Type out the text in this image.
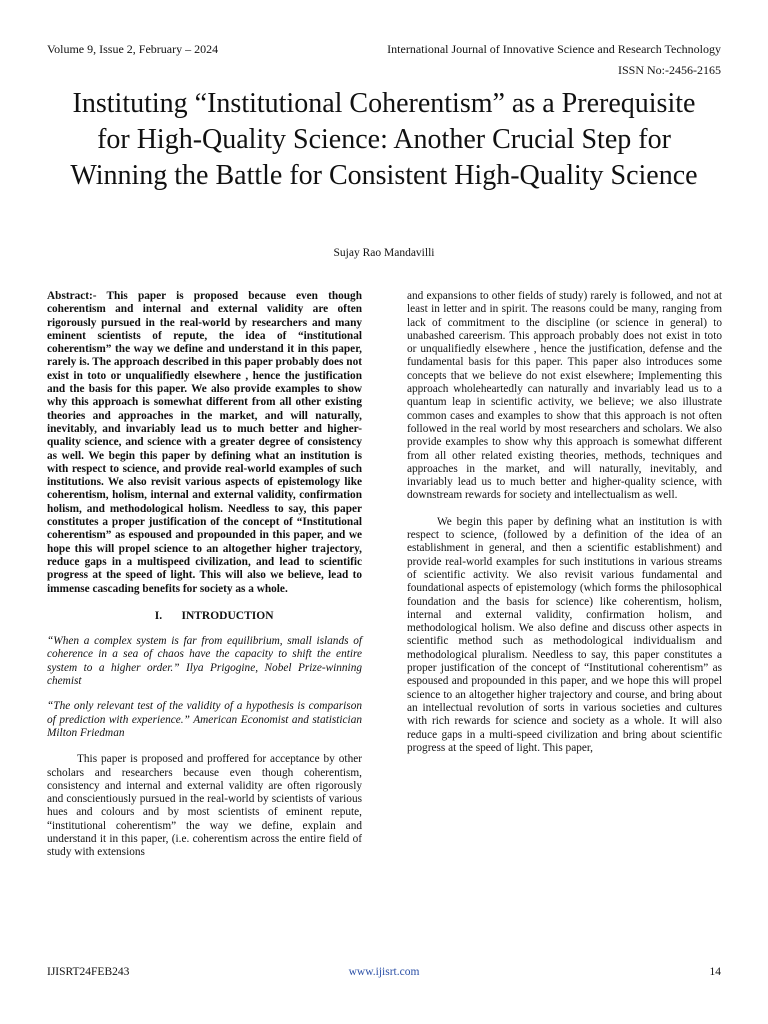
Volume 9, Issue 2, February – 2024	International Journal of Innovative Science and Research Technology
ISSN No:-2456-2165
Instituting “Institutional Coherentism” as a Prerequisite for High-Quality Science: Another Crucial Step for Winning the Battle for Consistent High-Quality Science
Sujay Rao Mandavilli

Abstract:- This paper is proposed because even though coherentism and internal and external validity are often rigorously pursued in the real-world by researchers and many eminent scientists of repute, the idea of “institutional coherentism” the way we define and understand it in this paper, rarely is. The approach described in this paper probably does not exist in toto or unqualifiedly elsewhere , hence the justification and the basis for this paper. We also provide examples to show why this approach is somewhat different from all other existing theories and approaches in the market, and will naturally, inevitably, and invariably lead us to much better and higher-quality science, and science with a greater degree of consistency as well. We begin this paper by defining what an institution is with respect to science, and provide real-world examples of such institutions. We also revisit various aspects of epistemology like coherentism, holism, internal and external validity, confirmation holism, and methodological holism. Needless to say, this paper constitutes a proper justification of the concept of “Institutional coherentism” as espoused and propounded in this paper, and we hope this will propel science to an altogether higher trajectory, reduce gaps in a multispeed civilization, and lead to scientific progress at the speed of light. This will also we believe, lead to immense cascading benefits for society as a whole.

I. INTRODUCTION

“When a complex system is far from equilibrium, small islands of coherence in a sea of chaos have the capacity to shift the entire system to a higher order.” Ilya Prigogine, Nobel Prize-winning chemist

“The only relevant test of the validity of a hypothesis is comparison of prediction with experience.” American Economist and statistician Milton Friedman

This paper is proposed and proffered for acceptance by other scholars and researchers because even though coherentism, consistency and internal and external validity are often rigorously and conscientiously pursued in the real-world by scientists of various hues and colours and by most scientists of eminent repute, “institutional coherentism” the way we define, explain and understand it in this paper, (i.e. coherentism across the entire field of study with extensions

and expansions to other fields of study) rarely is followed, and not at least in letter and in spirit. The reasons could be many, ranging from lack of commitment to the discipline (or science in general) to unabashed careerism. This approach probably does not exist in toto or unqualifiedly elsewhere , hence the justification, defense and the fundamental basis for this paper. This paper also introduces some concepts that we believe do not exist elsewhere; Implementing this approach wholeheartedly can naturally and invariably lead us to a quantum leap in scientific activity, we believe; we also illustrate common cases and examples to show that this approach is not often followed in the real world by most researchers and scholars. We also provide examples to show why this approach is somewhat different from all other related existing theories, methods, techniques and approaches in the market, and will naturally, inevitably, and invariably lead us to much better and higher-quality science, with downstream rewards for society and intellectualism as well.

We begin this paper by defining what an institution is with respect to science, (followed by a definition of the idea of an establishment in general, and then a scientific establishment) and provide real-world examples for such institutions in various streams of scientific activity. We also revisit various fundamental and foundational aspects of epistemology (which forms the philosophical foundation and the basis for science) like coherentism, holism, internal and external validity, confirmation holism, and methodological holism. We also define and discuss other aspects in scientific method such as methodological individualism and methodological pluralism. Needless to say, this paper constitutes a proper justification of the concept of “Institutional coherentism” as espoused and propounded in this paper, and we hope this will propel science to an altogether higher trajectory and course, and bring about an intellectual revolution of sorts in various societies and cultures with rich rewards for science and society as a whole. It will also reduce gaps in a multi-speed civilization and bring about scientific progress at the speed of light. This paper,

IJISRT24FEB243	www.ijisrt.com	14
